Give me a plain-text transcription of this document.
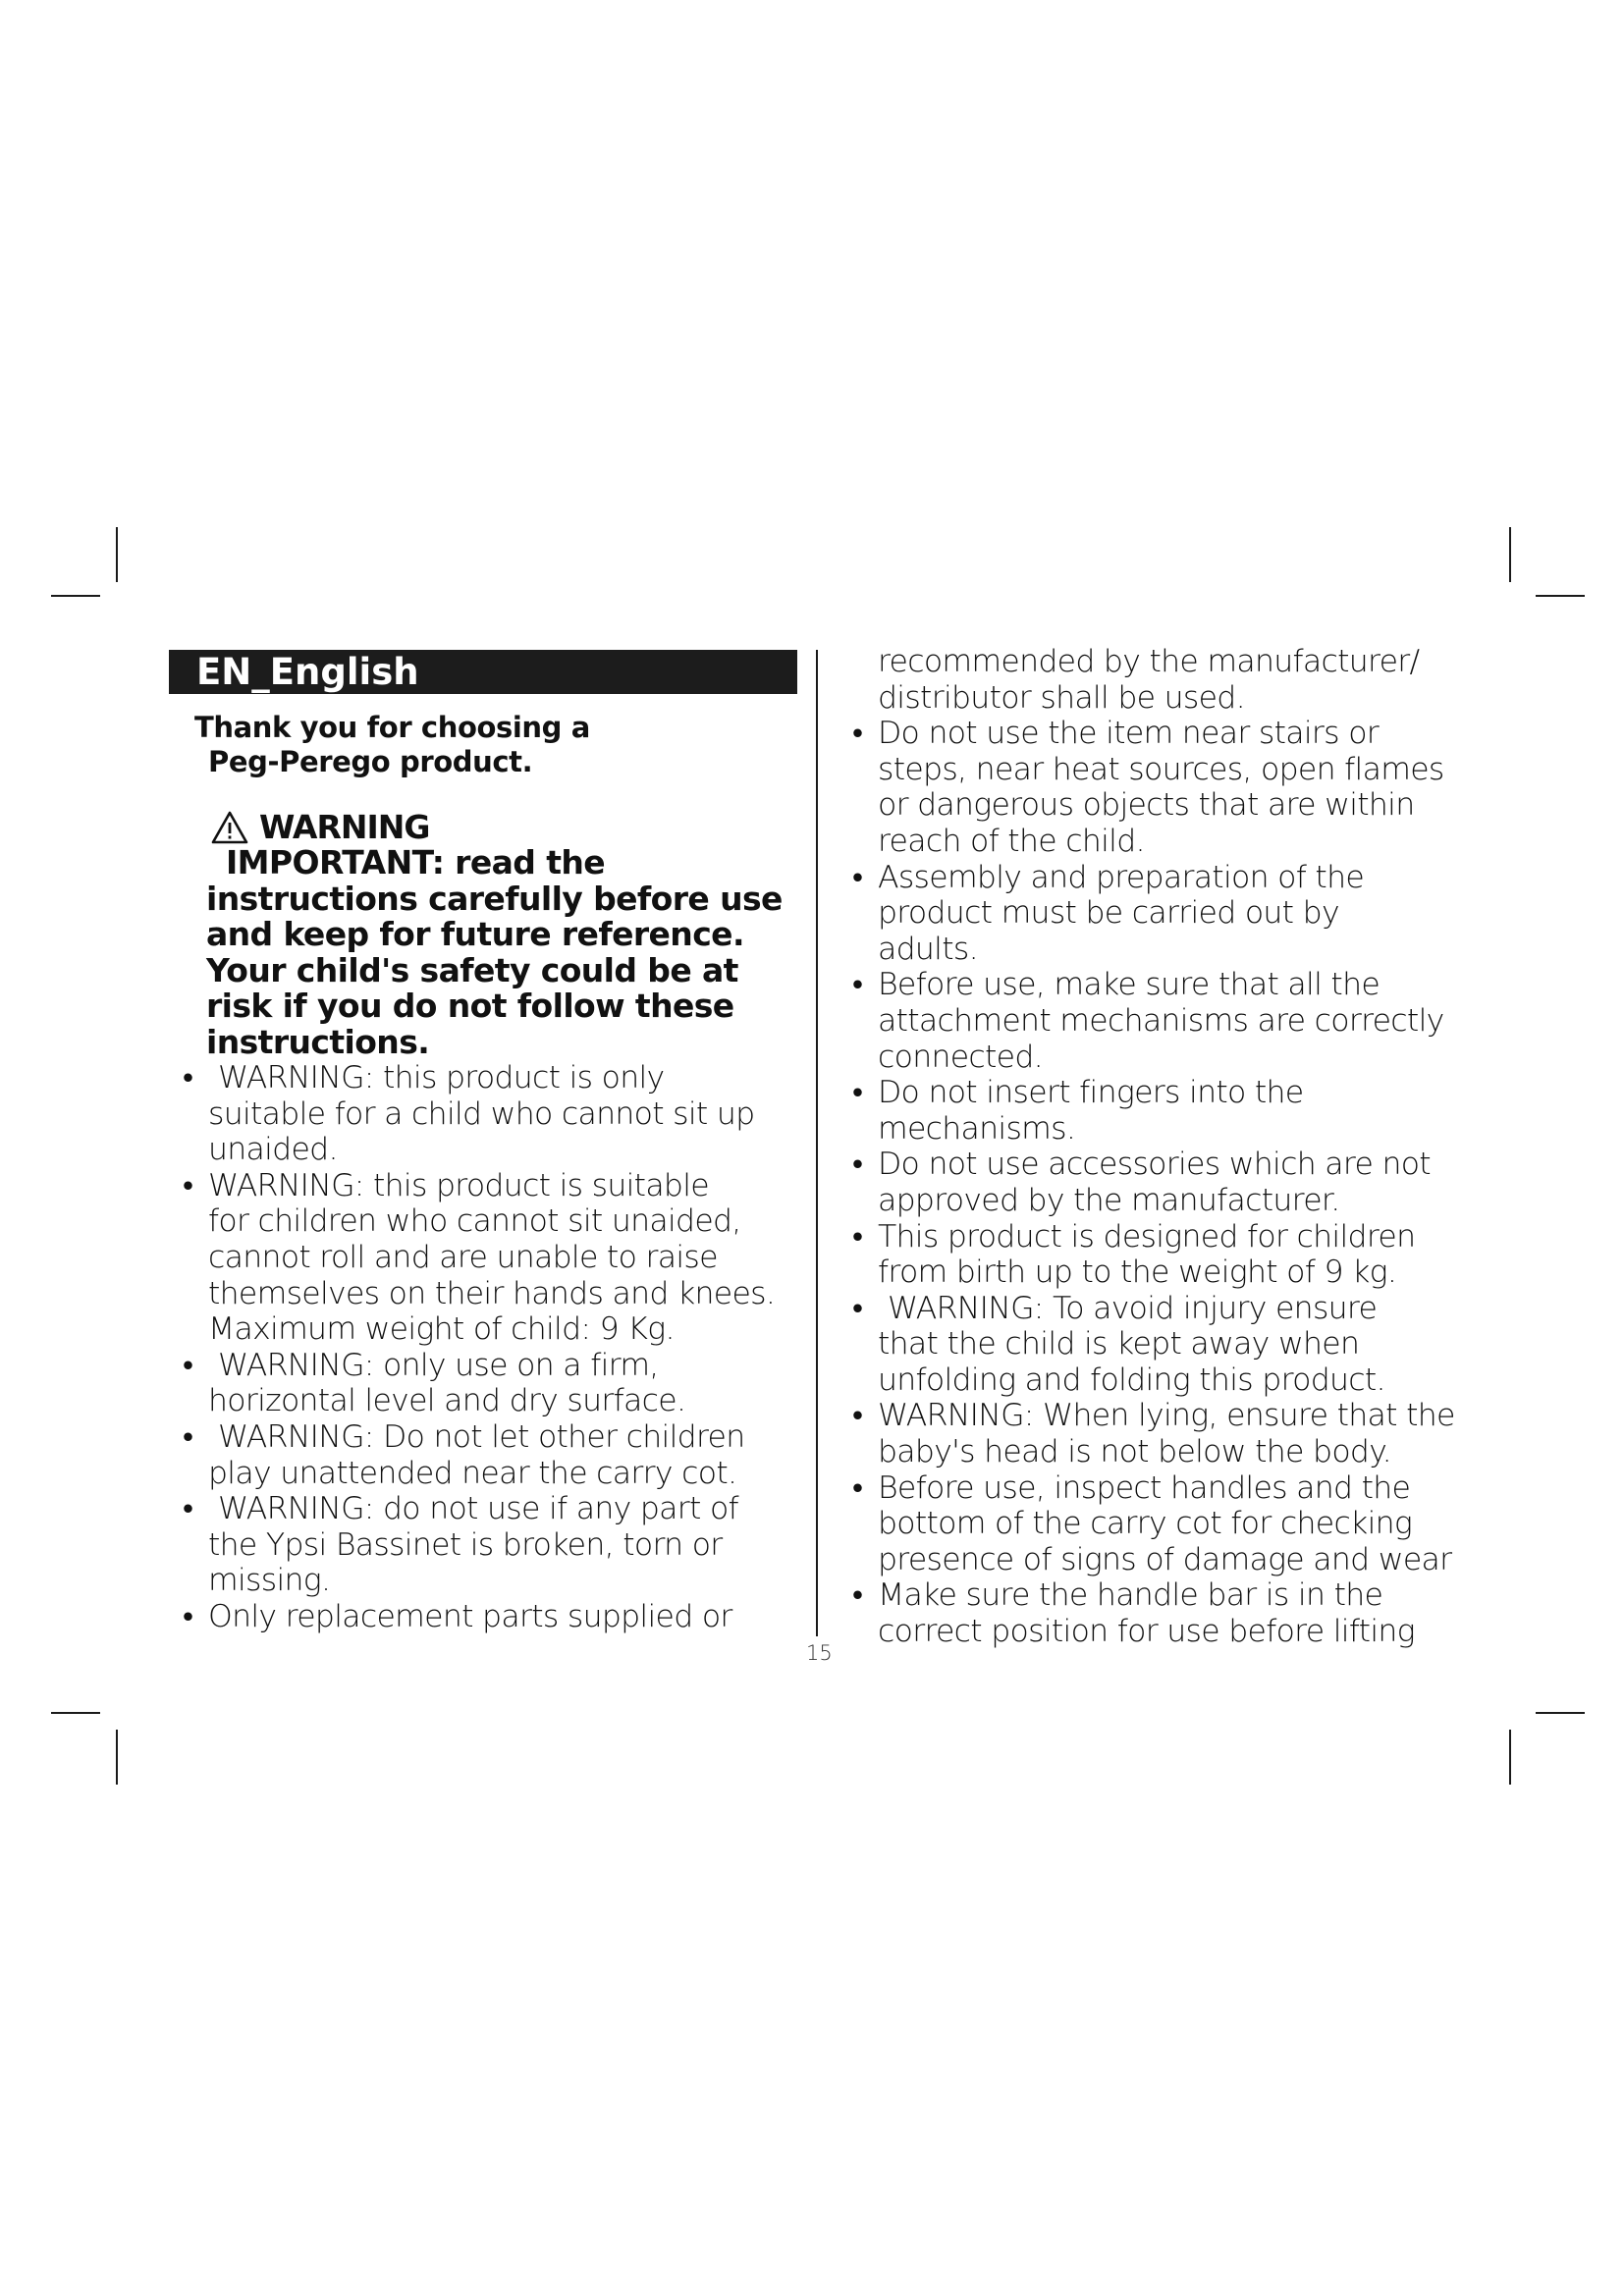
EN_English
Thank you for choosing a
Peg-Perego product.
WARNING
IMPORTANT: read the
instructions carefully before use
and keep for future reference.
Your child's safety could be at
risk if you do not follow these
instructions.
• WARNING: this product is only
suitable for a child who cannot sit up
unaided.
• WARNING: this product is suitable
for children who cannot sit unaided,
cannot roll and are unable to raise
themselves on their hands and knees.
Maximum weight of child: 9 Kg.
• WARNING: only use on a firm,
horizontal level and dry surface.
• WARNING: Do not let other children
play unattended near the carry cot.
• WARNING: do not use if any part of
the Ypsi Bassinet is broken, torn or
missing.
• Only replacement parts supplied or
15
recommended by the manufacturer/
distributor shall be used.
• Do not use the item near stairs or
steps, near heat sources, open flames
or dangerous objects that are within
reach of the child.
• Assembly and preparation of the
product must be carried out by
adults.
• Before use, make sure that all the
attachment mechanisms are correctly
connected.
• Do not insert fingers into the
mechanisms.
• Do not use accessories which are not
approved by the manufacturer.
• This product is designed for children
from birth up to the weight of 9 kg.
• WARNING: To avoid injury ensure
that the child is kept away when
unfolding and folding this product.
• WARNING: When lying, ensure that the
baby's head is not below the body.
• Before use, inspect handles and the
bottom of the carry cot for checking
presence of signs of damage and wear
• Make sure the handle bar is in the
correct position for use before lifting
